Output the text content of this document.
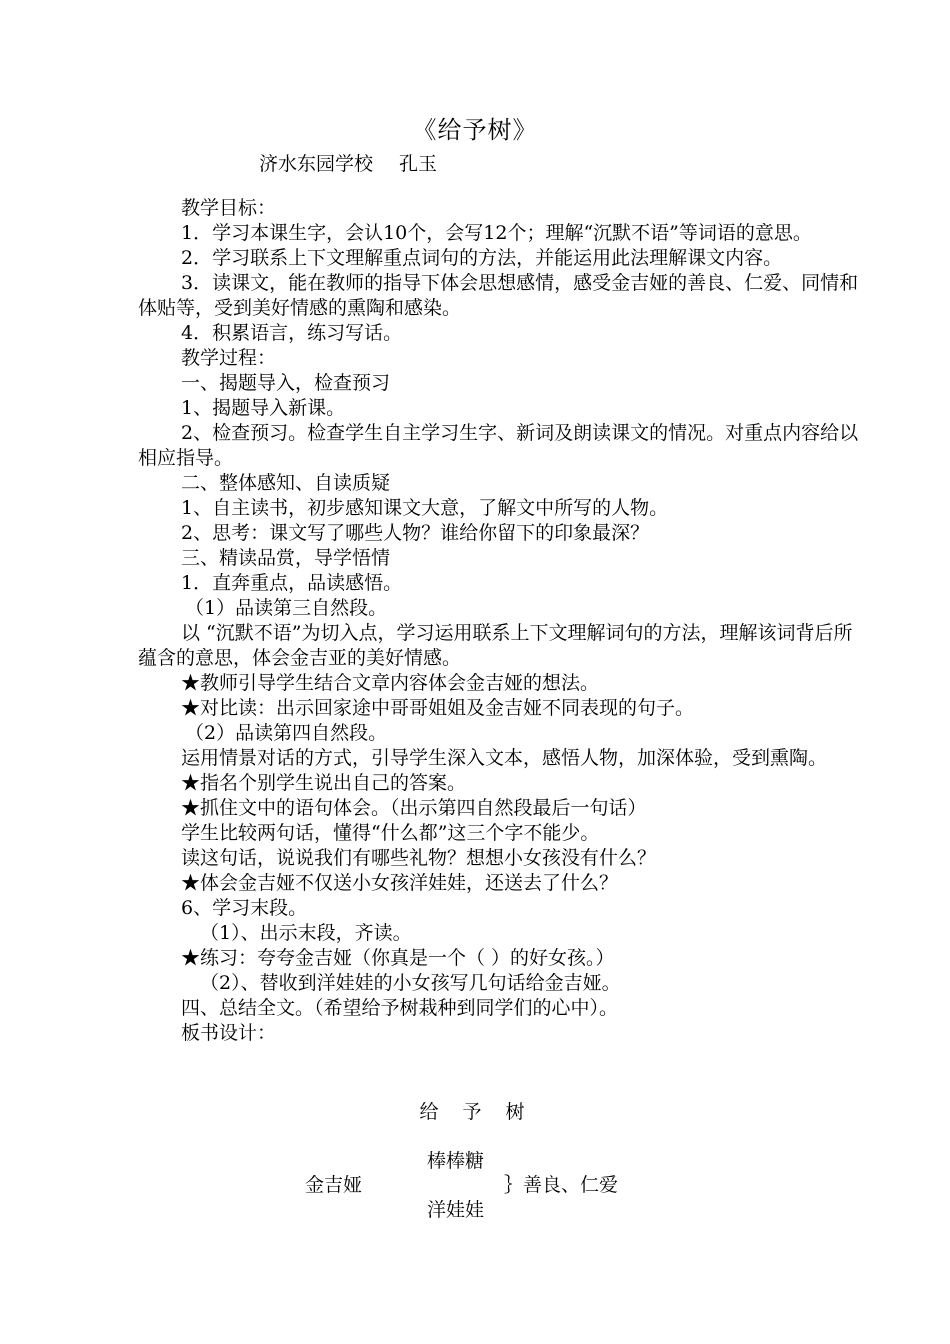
《给予树》
济水东园学校 孔玉

教学目标：

1．学习本课生字，会认10个，会写12个；理解“沉默不语”等词语的意思。

2．学习联系上下文理解重点词句的方法，并能运用此法理解课文内容。

3．读课文，能在教师的指导下体会思想感情，感受金吉娅的善良、仁爱、同情和体贴等，受到美好情感的熏陶和感染。

4．积累语言，练习写话。

教学过程：

一、揭题导入，检查预习

1、揭题导入新课。

2、检查预习。检查学生自主学习生字、新词及朗读课文的情况。对重点内容给以相应指导。

二、整体感知、自读质疑

1、自主读书，初步感知课文大意，了解文中所写的人物。

2、思考：课文写了哪些人物？谁给你留下的印象最深？

三、精读品赏，导学悟情

1．直奔重点，品读感悟。

（1）品读第三自然段。

以 “沉默不语”为切入点，学习运用联系上下文理解词句的方法，理解该词背后所蕴含的意思，体会金吉亚的美好情感。

★教师引导学生结合文章内容体会金吉娅的想法。

★对比读：出示回家途中哥哥姐姐及金吉娅不同表现的句子。

（2）品读第四自然段。

运用情景对话的方式，引导学生深入文本，感悟人物，加深体验，受到熏陶。

★指名个别学生说出自己的答案。

★抓住文中的语句体会。（出示第四自然段最后一句话）

学生比较两句话，懂得“什么都”这三个字不能少。

读这句话，说说我们有哪些礼物？想想小女孩没有什么？

★体会金吉娅不仅送小女孩洋娃娃，还送去了什么？

6、学习末段。

（1）、出示末段，齐读。

★练习：夸夸金吉娅（你真是一个（ ）的好女孩。）

（2）、替收到洋娃娃的小女孩写几句话给金吉娅。

四、总结全文。（希望给予树栽种到同学们的心中）。

板书设计：

给 予 树
棒棒糖
金吉娅	｝善良、仁爱
洋娃娃
